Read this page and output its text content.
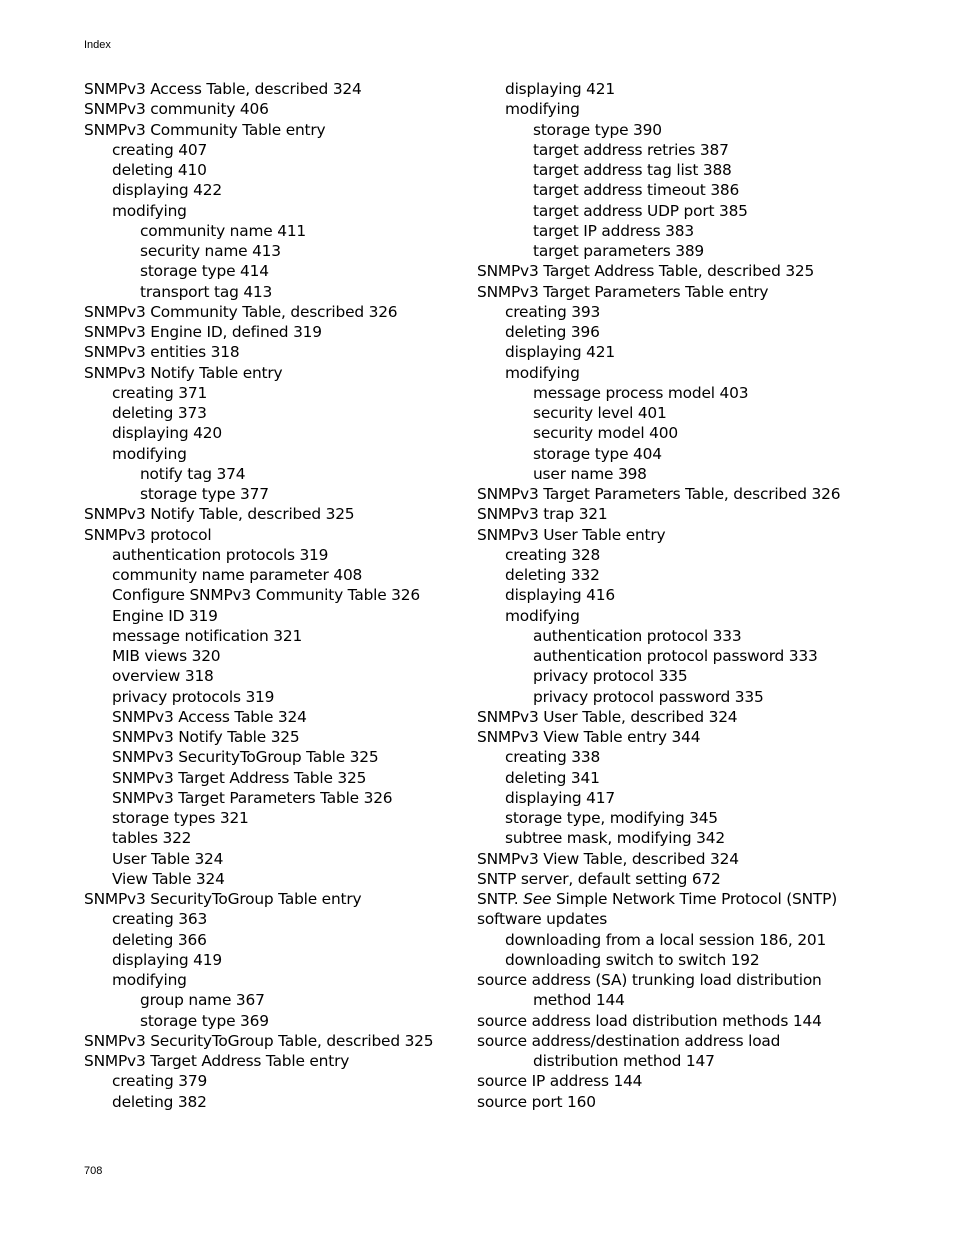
Index
SNMPv3 Access Table, described 324
SNMPv3 community 406
SNMPv3 Community Table entry
creating 407
deleting 410
displaying 422
modifying
community name 411
security name 413
storage type 414
transport tag 413
SNMPv3 Community Table, described 326
SNMPv3 Engine ID, defined 319
SNMPv3 entities 318
SNMPv3 Notify Table entry
creating 371
deleting 373
displaying 420
modifying
notify tag 374
storage type 377
SNMPv3 Notify Table, described 325
SNMPv3 protocol
authentication protocols 319
community name parameter 408
Configure SNMPv3 Community Table 326
Engine ID 319
message notification 321
MIB views 320
overview 318
privacy protocols 319
SNMPv3 Access Table 324
SNMPv3 Notify Table 325
SNMPv3 SecurityToGroup Table 325
SNMPv3 Target Address Table 325
SNMPv3 Target Parameters Table 326
storage types 321
tables 322
User Table 324
View Table 324
SNMPv3 SecurityToGroup Table entry
creating 363
deleting 366
displaying 419
modifying
group name 367
storage type 369
SNMPv3 SecurityToGroup Table, described 325
SNMPv3 Target Address Table entry
creating 379
deleting 382
displaying 421
modifying
storage type 390
target address retries 387
target address tag list 388
target address timeout 386
target address UDP port 385
target IP address 383
target parameters 389
SNMPv3 Target Address Table, described 325
SNMPv3 Target Parameters Table entry
creating 393
deleting 396
displaying 421
modifying
message process model 403
security level 401
security model 400
storage type 404
user name 398
SNMPv3 Target Parameters Table, described 326
SNMPv3 trap 321
SNMPv3 User Table entry
creating 328
deleting 332
displaying 416
modifying
authentication protocol 333
authentication protocol password 333
privacy protocol 335
privacy protocol password 335
SNMPv3 User Table, described 324
SNMPv3 View Table entry 344
creating 338
deleting 341
displaying 417
storage type, modifying 345
subtree mask, modifying 342
SNMPv3 View Table, described 324
SNTP server, default setting 672
SNTP. See Simple Network Time Protocol (SNTP)
software updates
downloading from a local session 186, 201
downloading switch to switch 192
source address (SA) trunking load distribution
method 144
source address load distribution methods 144
source address/destination address load
distribution method 147
source IP address 144
source port 160
708
